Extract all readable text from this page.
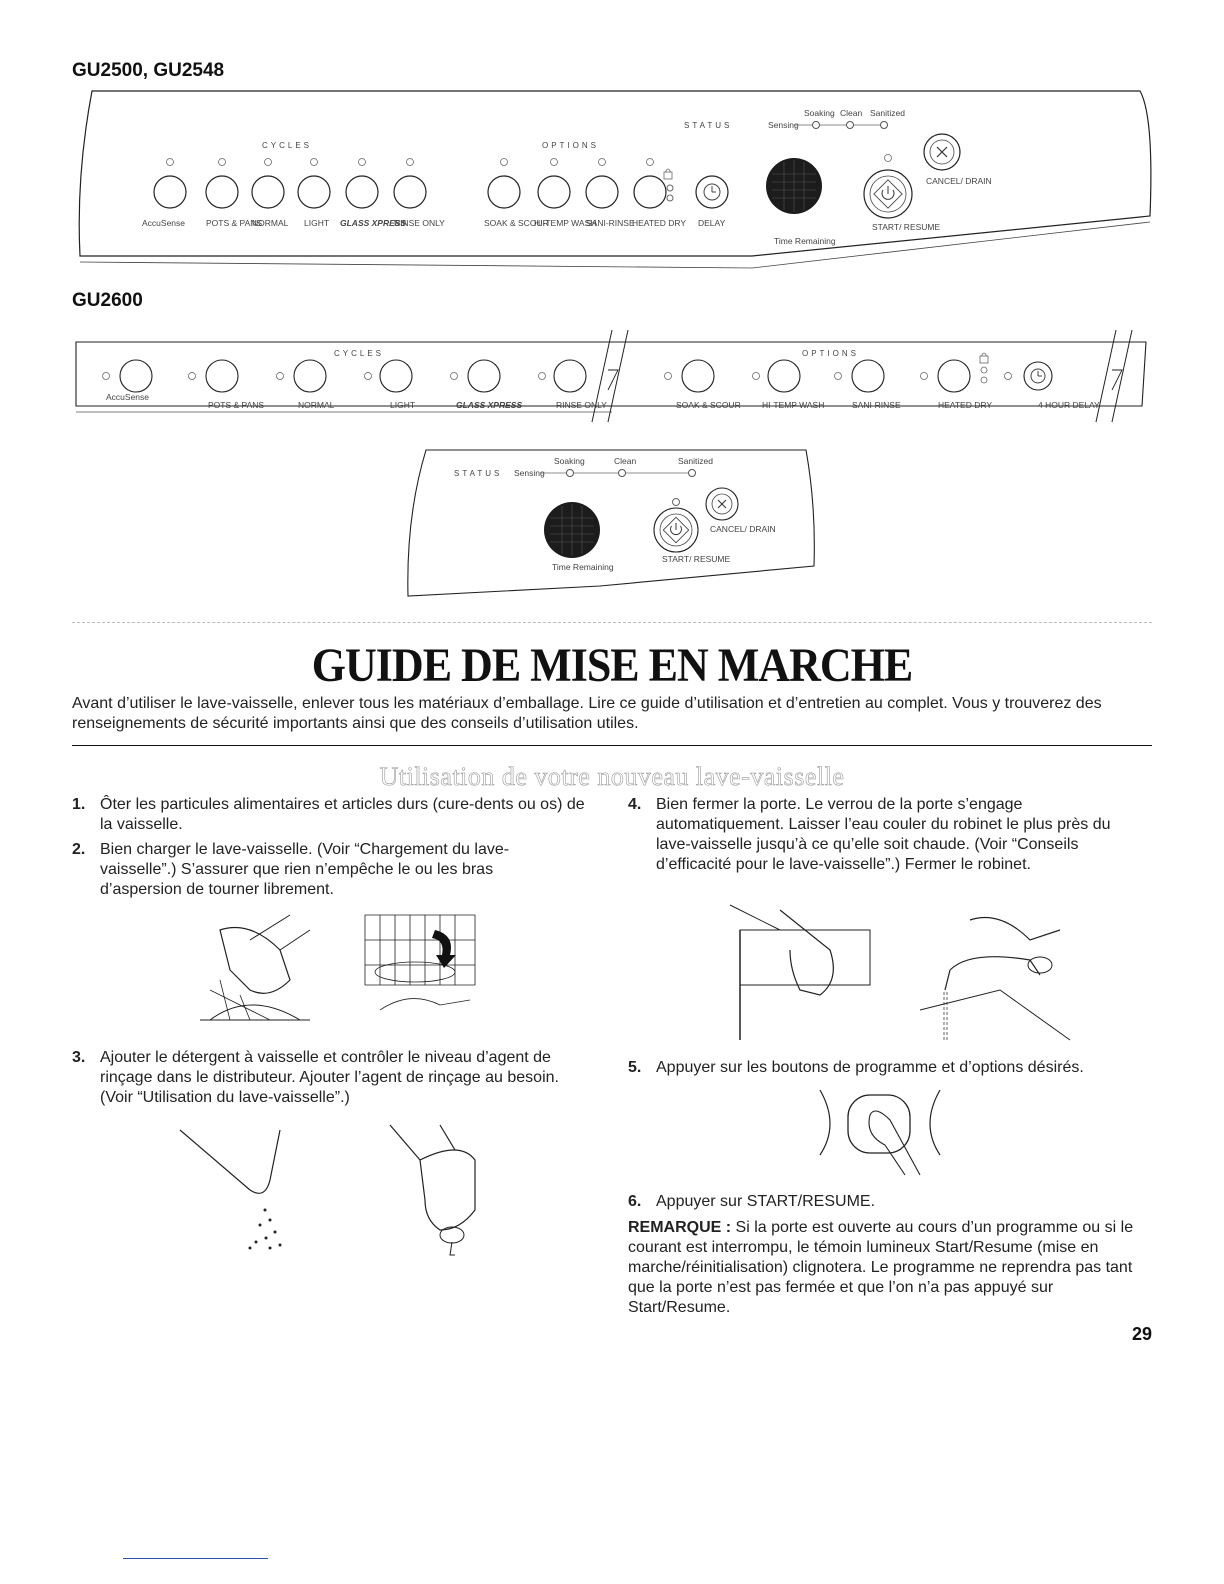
GU2500, GU2548
CYCLES	OPTIONS
STATUS	Sensing
Soaking Clean Sanitized
Time Remaining
START/ RESUME
CANCEL/ DRAIN
AccuSense POTS & PANS
NORMAL LIGHT GLASS XPRESS
RINSE ONLY	SOAK & SCOUR
HI-TEMP WASH
SANI-RINSE
HEATED DRY DELAY
GU2600
CYCLES	OPTIONS
AccuSense
POTS & PANS	NORMAL	LIGHT	GLASS XPRESS	RINSE ONLY	SOAK & SCOUR	HI-TEMP WASH	SANI-RINSE	HEATED DRY	4 HOUR DELAY
STATUS Sensing
Soaking	Clean	Sanitized
Time Remaining
START/ RESUME
CANCEL/ DRAIN
GUIDE DE MISE EN MARCHE
Avant d’utiliser le lave-vaisselle, enlever tous les matériaux d’emballage. Lire ce guide d’utilisation et d’entretien au complet. Vous y trouverez des renseignements de sécurité importants ainsi que des conseils d’utilisation utiles.
Utilisation de votre nouveau lave-vaisselle
1. Ôter les particules alimentaires et articles durs (cure-dents ou os) de la vaisselle.
2. Bien charger le lave-vaisselle. (Voir “Chargement du lave-vaisselle”.) S’assurer que rien n’empêche le ou les bras d’aspersion de tourner librement.
3. Ajouter le détergent à vaisselle et contrôler le niveau d’agent de rinçage dans le distributeur. Ajouter l’agent de rinçage au besoin. (Voir “Utilisation du lave-vaisselle”.)
4. Bien fermer la porte. Le verrou de la porte s’engage automatiquement. Laisser l’eau couler du robinet le plus près du lave-vaisselle jusqu’à ce qu’elle soit chaude. (Voir “Conseils d’efficacité pour le lave-vaisselle”.) Fermer le robinet.
5. Appuyer sur les boutons de programme et d’options désirés.
6. Appuyer sur START/RESUME.
REMARQUE : Si la porte est ouverte au cours d’un programme ou si le courant est interrompu, le témoin lumineux Start/Resume (mise en marche/réinitialisation) clignotera. Le programme ne reprendra pas tant que la porte n’est pas fermée et que l’on n’a pas appuyé sur Start/Resume.
29
